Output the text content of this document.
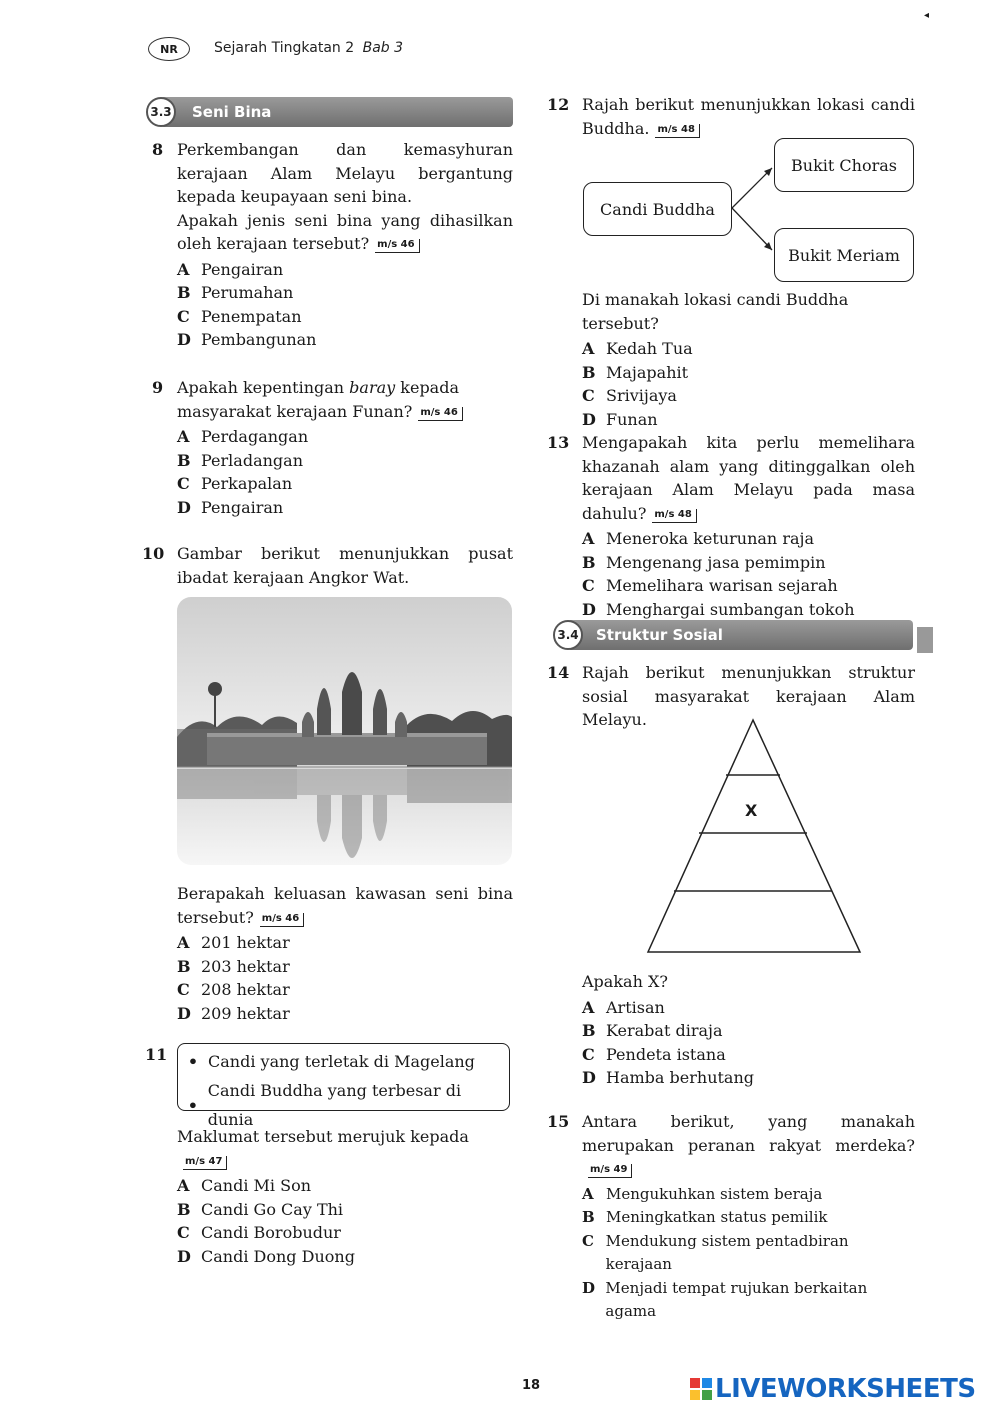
NR	Sejarah Tingkatan 2 Bab 3
◂
3.3 Seni Bina
8 Perkembangan dan kemasyhuran kerajaan Alam Melayu bergantung kepada keupayaan seni bina.
Apakah jenis seni bina yang dihasilkan oleh kerajaan tersebut? m/s 46
A Pengairan
B Perumahan
C Penempatan
D Pembangunan
9 Apakah kepentingan baray kepada masyarakat kerajaan Funan? m/s 46
A Perdagangan
B Perladangan
C Perkapalan
D Pengairan
10 Gambar berikut menunjukkan pusat ibadat kerajaan Angkor Wat.
Berapakah keluasan kawasan seni bina tersebut? m/s 46
A 201 hektar
B 203 hektar
C 208 hektar
D 209 hektar
11	• Candi yang terletak di Magelang
•
Candi Buddha yang terbesar di dunia
Maklumat tersebut merujuk kepadam/s 47
A Candi Mi Son
B Candi Go Cay Thi
C Candi Borobudur
D Candi Dong Duong
12 Rajah berikut menunjukkan lokasi candi Buddha. m/s 48
Candi Buddha
Bukit Choras
Bukit Meriam
Di manakah lokasi candi Buddha tersebut?
A Kedah Tua
B Majapahit
C Srivijaya
D Funan
13 Mengapakah kita perlu memelihara khazanah alam yang ditinggalkan oleh kerajaan Alam Melayu pada masa dahulu? m/s 48
A Meneroka keturunan raja
B Mengenang jasa pemimpin
C Memelihara warisan sejarah
D Menghargai sumbangan tokoh
3.4 Struktur Sosial
14 Rajah berikut menunjukkan struktur sosial masyarakat kerajaan Alam Melayu.
X
Apakah X?
A Artisan
B Kerabat diraja
C Pendeta istana
D Hamba berhutang
15 Antara berikut, yang manakah merupakan peranan rakyat merdeka?m/s 49
A Mengukuhkan sistem beraja
B Meningkatkan status pemilik
C Mendukung sistem pentadbiran kerajaan
D Menjadi tempat rujukan berkaitan agama
18	LIVEWORKSHEETS
